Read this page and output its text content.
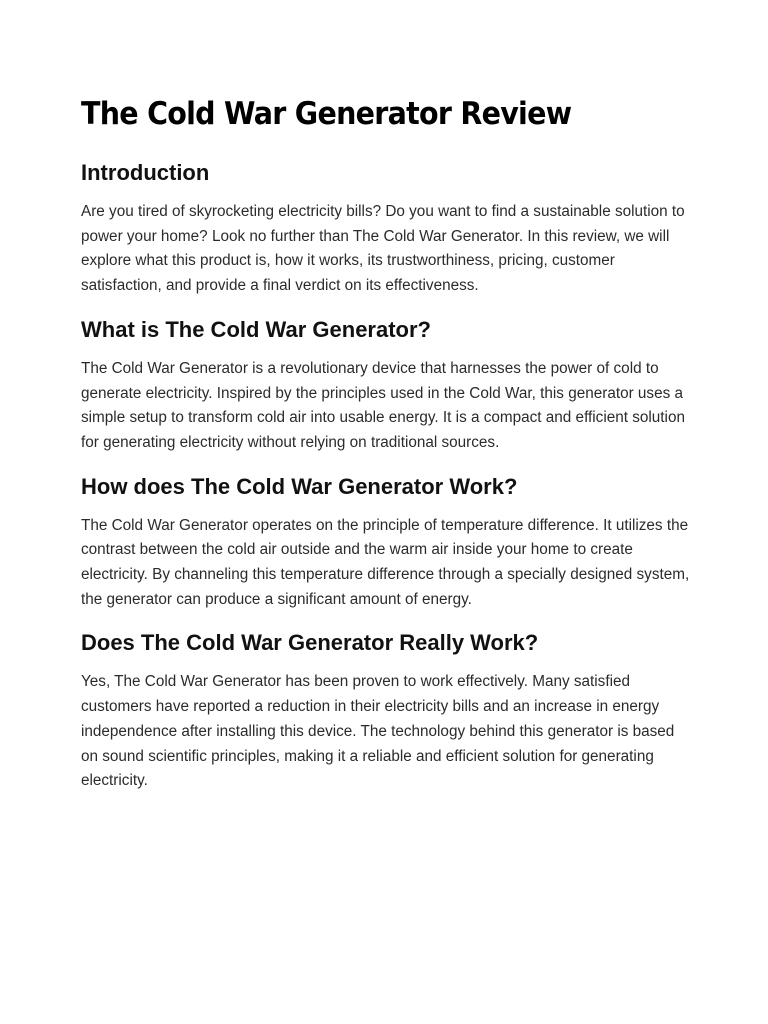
The Cold War Generator Review
Introduction

Are you tired of skyrocketing electricity bills? Do you want to find a sustainable solution to power your home? Look no further than The Cold War Generator. In this review, we will explore what this product is, how it works, its trustworthiness, pricing, customer satisfaction, and provide a final verdict on its effectiveness.

What is The Cold War Generator?

The Cold War Generator is a revolutionary device that harnesses the power of cold to generate electricity. Inspired by the principles used in the Cold War, this generator uses a simple setup to transform cold air into usable energy. It is a compact and efficient solution for generating electricity without relying on traditional sources.

How does The Cold War Generator Work?

The Cold War Generator operates on the principle of temperature difference. It utilizes the contrast between the cold air outside and the warm air inside your home to create electricity. By channeling this temperature difference through a specially designed system, the generator can produce a significant amount of energy.

Does The Cold War Generator Really Work?

Yes, The Cold War Generator has been proven to work effectively. Many satisfied customers have reported a reduction in their electricity bills and an increase in energy independence after installing this device. The technology behind this generator is based on sound scientific principles, making it a reliable and efficient solution for generating electricity.
